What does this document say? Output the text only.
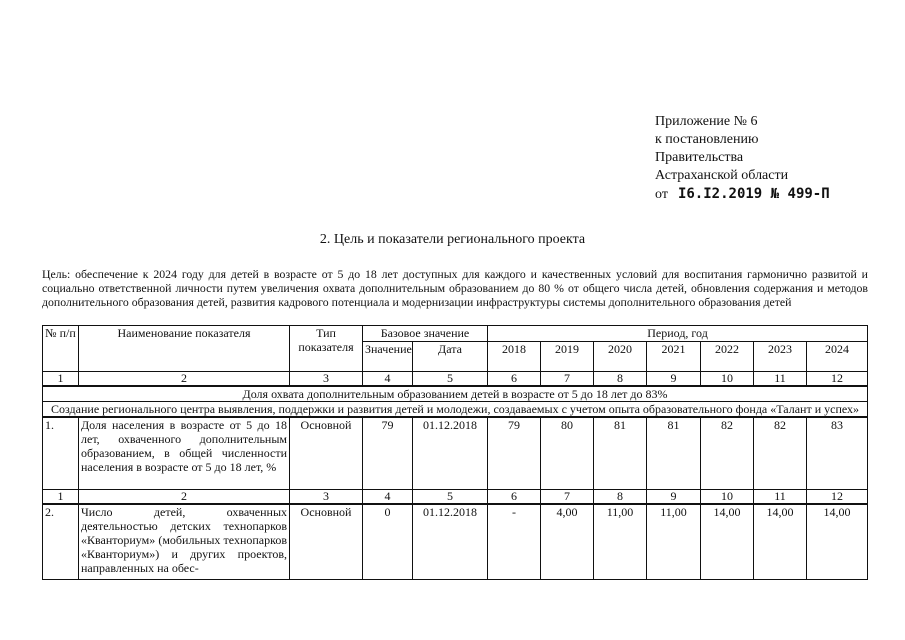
Приложение № 6
к постановлению
Правительства
Астраханской области
от I6.I2.2019 № 499-П
2. Цель и показатели регионального проекта
Цель: обеспечение к 2024 году для детей в возрасте от 5 до 18 лет доступных для каждого и качественных условий для воспитания гармонично развитой и социально ответственной личности путем увеличения охвата дополнительным образованием до 80 % от общего числа детей, обновления содержания и методов дополнительного образования детей, развития кадрового потенциала и модернизации инфраструктуры системы дополнительного образования детей
№ п/п	Наименование показателя	Тип показателя	Базовое значение		Период, год						
			Значение	Дата	2018	2019	2020	2021	2022	2023	2024
1	2	3	4	5	6	7	8	9	10	11	12
Доля охвата дополнительным образованием детей в возрасте от 5 до 18 лет до 83%											
Создание регионального центра выявления, поддержки и развития детей и молодежи, создаваемых с учетом опыта образовательного фонда «Талант и успех»											
1.	Доля населения в возрасте от 5 до 18 лет, охваченного дополнительным образованием, в общей численности населения в возрасте от 5 до 18 лет, %	Основной	79	01.12.2018	79	80	81	81	82	82	83
1	2	3	4	5	6	7	8	9	10	11	12
2.	Число детей, охваченных деятельностью детских технопарков «Кванториум» (мобильных технопарков «Кванториум») и других проектов, направленных на обес-	Основной	0	01.12.2018	-	4,00	11,00	11,00	14,00	14,00	14,00
